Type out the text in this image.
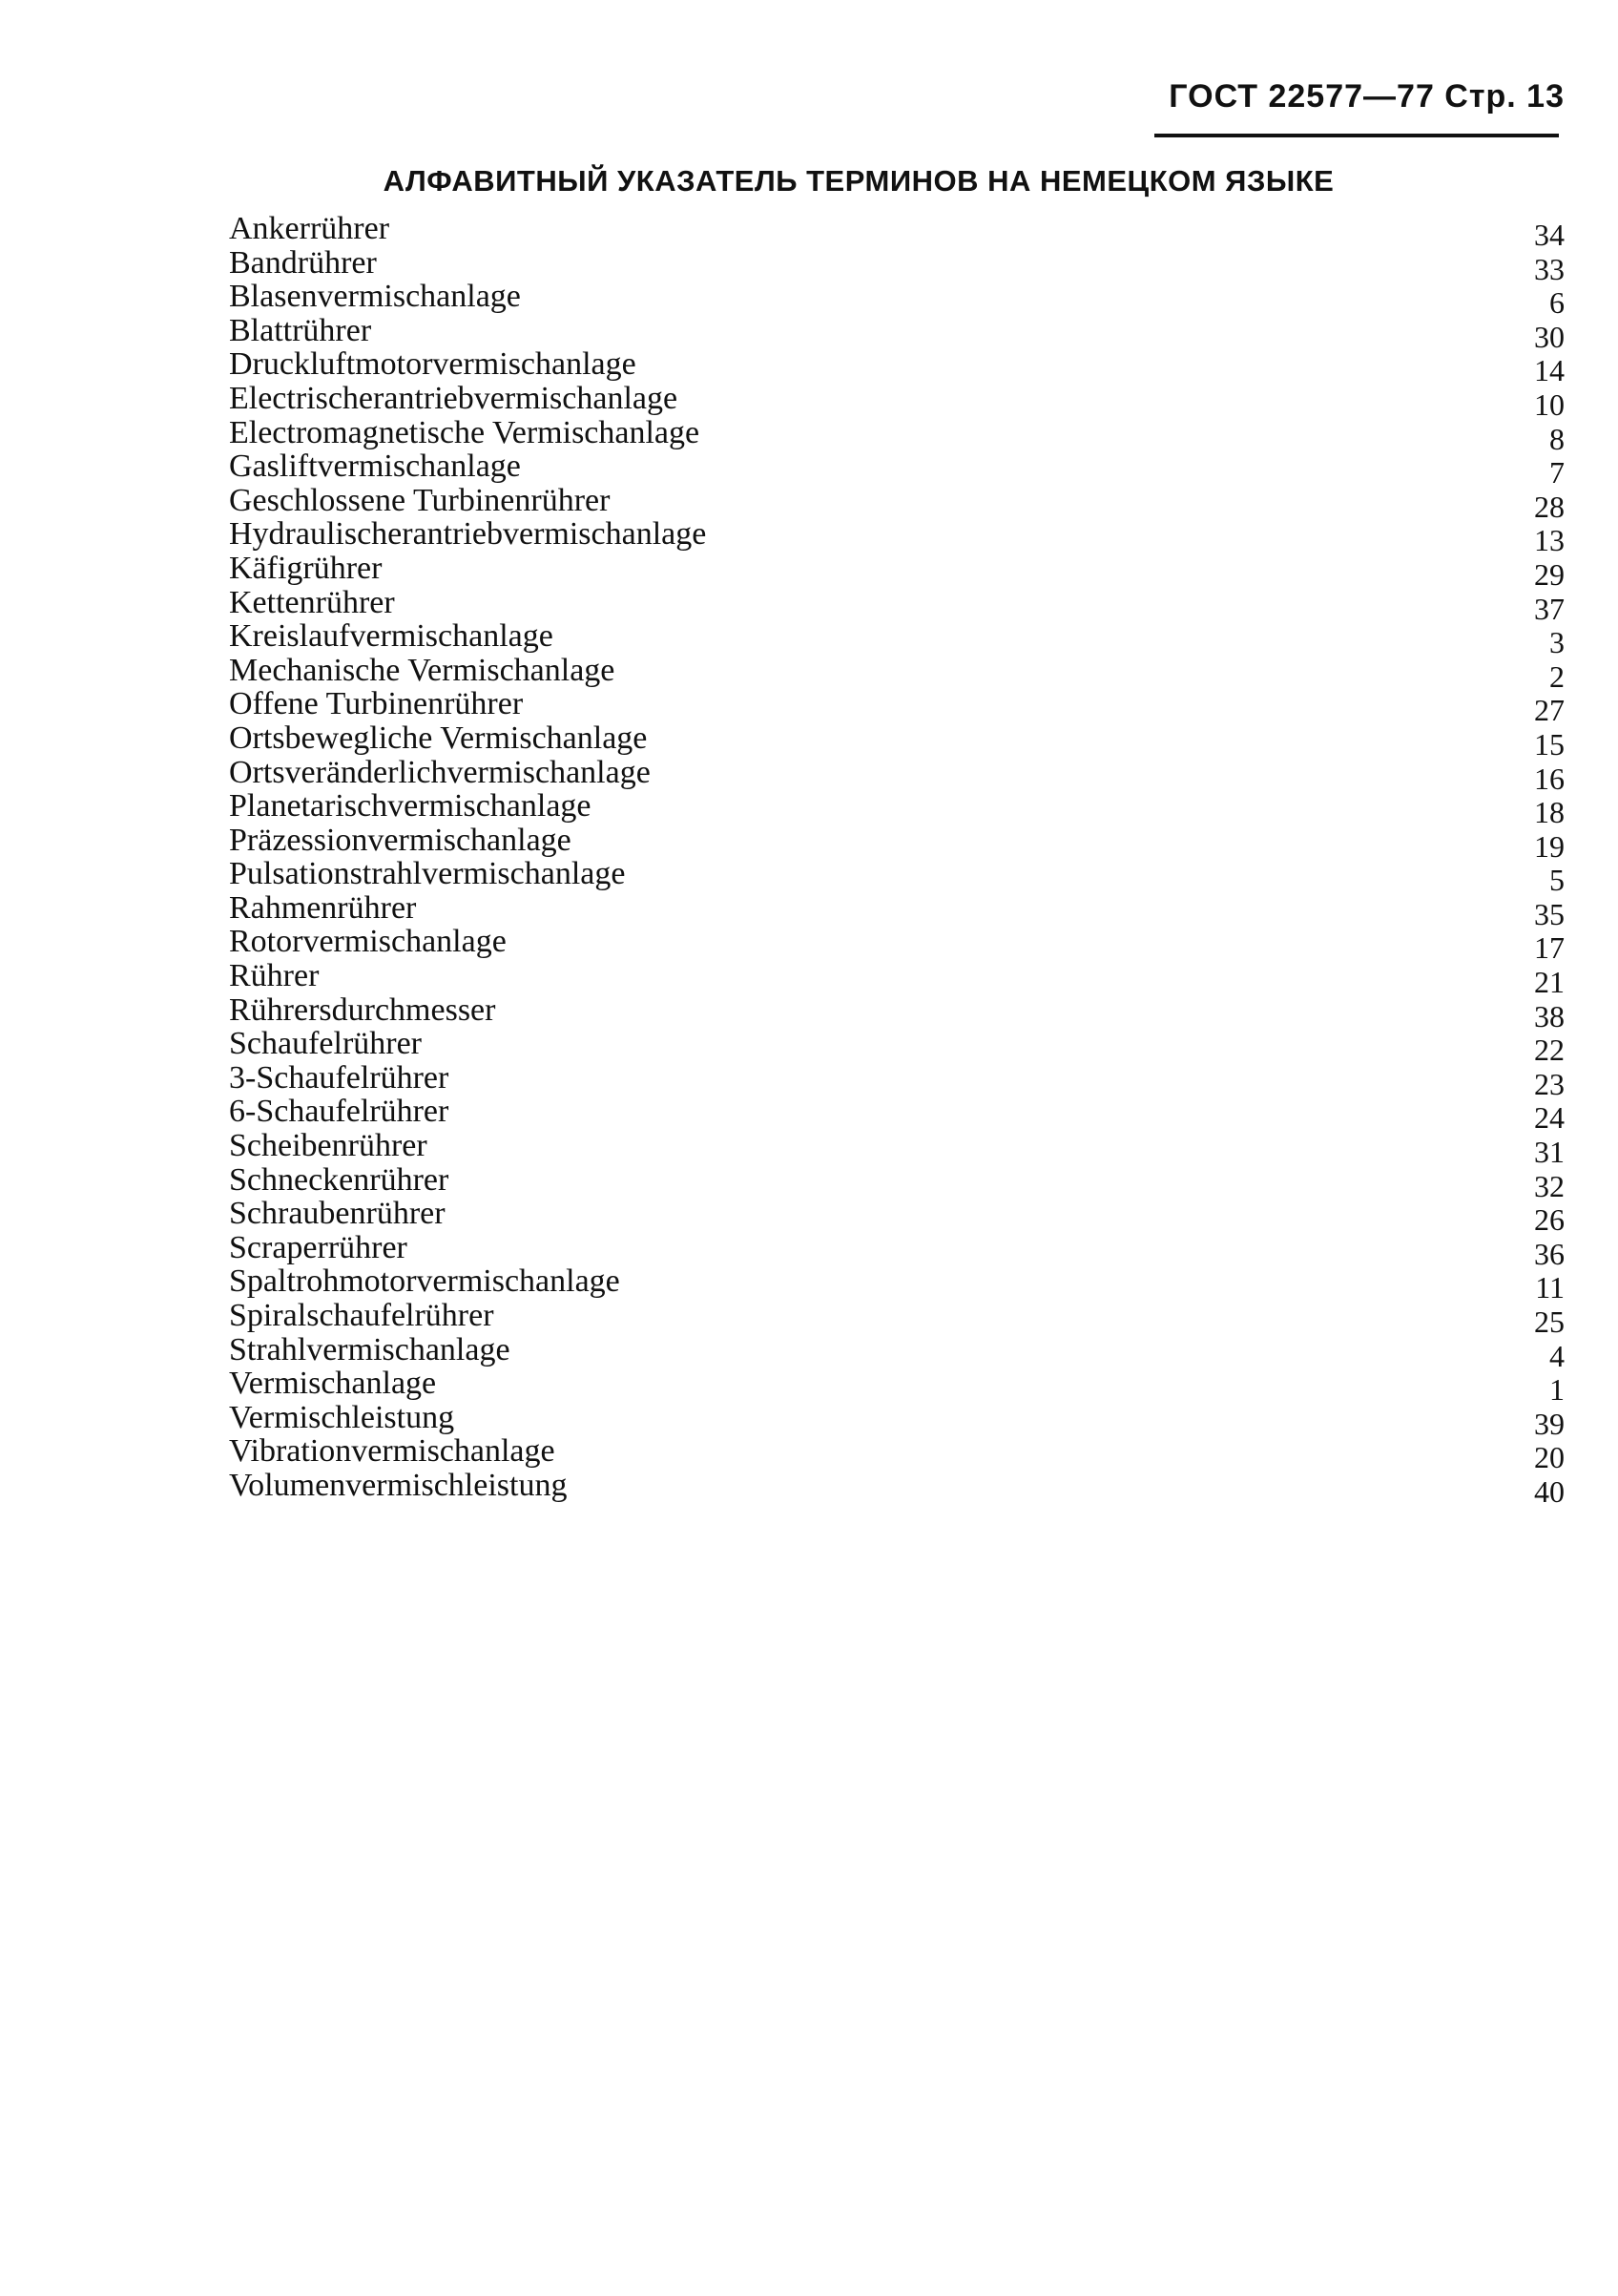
ГОСТ 22577—77 Стр. 13
АЛФАВИТНЫЙ УКАЗАТЕЛЬ ТЕРМИНОВ НА НЕМЕЦКОМ ЯЗЫКЕ
Ankerrührer	34
Bandrührer	33
Blasenvermischanlage	6
Blattrührer	30
Druckluftmotorvermischanlage	14
Electrischerantriebvermischanlage	10
Electromagnetische Vermischanlage	8
Gasliftvermischanlage	7
Geschlossene Turbinenrührer	28
Hydraulischerantriebvermischanlage	13
Käfigrührer	29
Kettenrührer	37
Kreislaufvermischanlage	3
Mechanische Vermischanlage	2
Offene Turbinenrührer	27
Ortsbewegliche Vermischanlage	15
Ortsveränderlichvermischanlage	16
Planetarischvermischanlage	18
Präzessionvermischanlage	19
Pulsationstrahlvermischanlage	5
Rahmenrührer	35
Rotorvermischanlage	17
Rührer	21
Rührersdurchmesser	38
Schaufelrührer	22
3-Schaufelrührer	23
6-Schaufelrührer	24
Scheibenrührer	31
Schneckenrührer	32
Schraubenrührer	26
Scraperrührer	36
Spaltrohmotorvermischanlage	11
Spiralschaufelrührer	25
Strahlvermischanlage	4
Vermischanlage	1
Vermischleistung	39
Vibrationvermischanlage	20
Volumenvermischleistung	40
